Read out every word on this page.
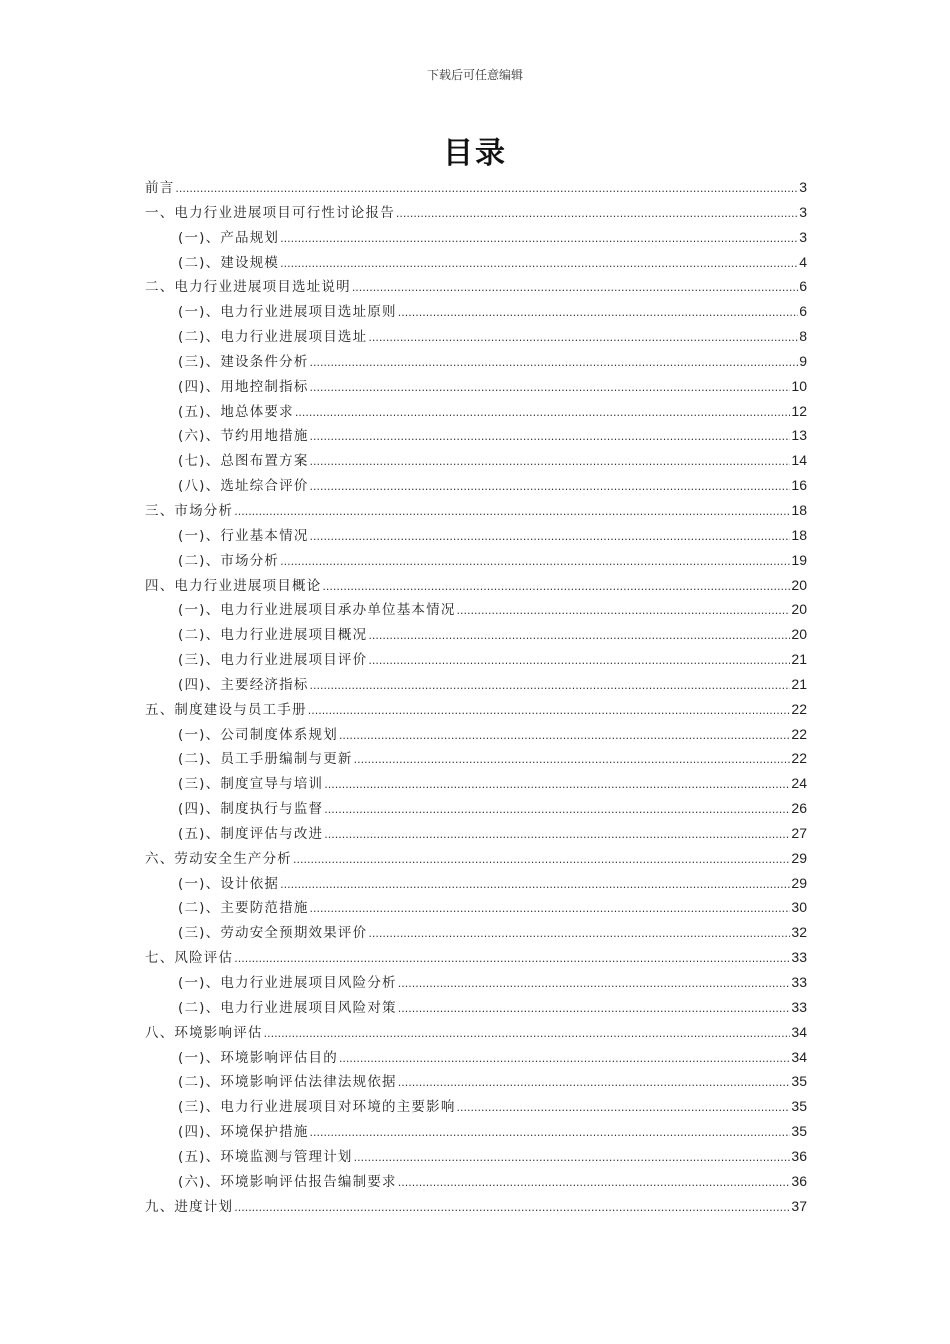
下载后可任意编辑
目录
前言 .....	3
一、电力行业进展项目可行性讨论报告 .....	3
(一)、产品规划 .....	3
(二)、建设规模 .....	4
二、电力行业进展项目选址说明 .....	6
(一)、电力行业进展项目选址原则 .....	6
(二)、电力行业进展项目选址 .....	8
(三)、建设条件分析 .....	9
(四)、用地控制指标 .....	10
(五)、地总体要求 .....	12
(六)、节约用地措施 .....	13
(七)、总图布置方案 .....	14
(八)、选址综合评价 .....	16
三、市场分析 .....	18
(一)、行业基本情况 .....	18
(二)、市场分析 .....	19
四、电力行业进展项目概论 .....	20
(一)、电力行业进展项目承办单位基本情况 .....	20
(二)、电力行业进展项目概况 .....	20
(三)、电力行业进展项目评价 .....	21
(四)、主要经济指标 .....	21
五、制度建设与员工手册 .....	22
(一)、公司制度体系规划 .....	22
(二)、员工手册编制与更新 .....	22
(三)、制度宣导与培训 .....	24
(四)、制度执行与监督 .....	26
(五)、制度评估与改进 .....	27
六、劳动安全生产分析 .....	29
(一)、设计依据 .....	29
(二)、主要防范措施 .....	30
(三)、劳动安全预期效果评价 .....	32
七、风险评估 .....	33
(一)、电力行业进展项目风险分析 .....	33
(二)、电力行业进展项目风险对策 .....	33
八、环境影响评估 .....	34
(一)、环境影响评估目的 .....	34
(二)、环境影响评估法律法规依据 .....	35
(三)、电力行业进展项目对环境的主要影响 .....	35
(四)、环境保护措施 .....	35
(五)、环境监测与管理计划 .....	36
(六)、环境影响评估报告编制要求 .....	36
九、进度计划 .....	37
